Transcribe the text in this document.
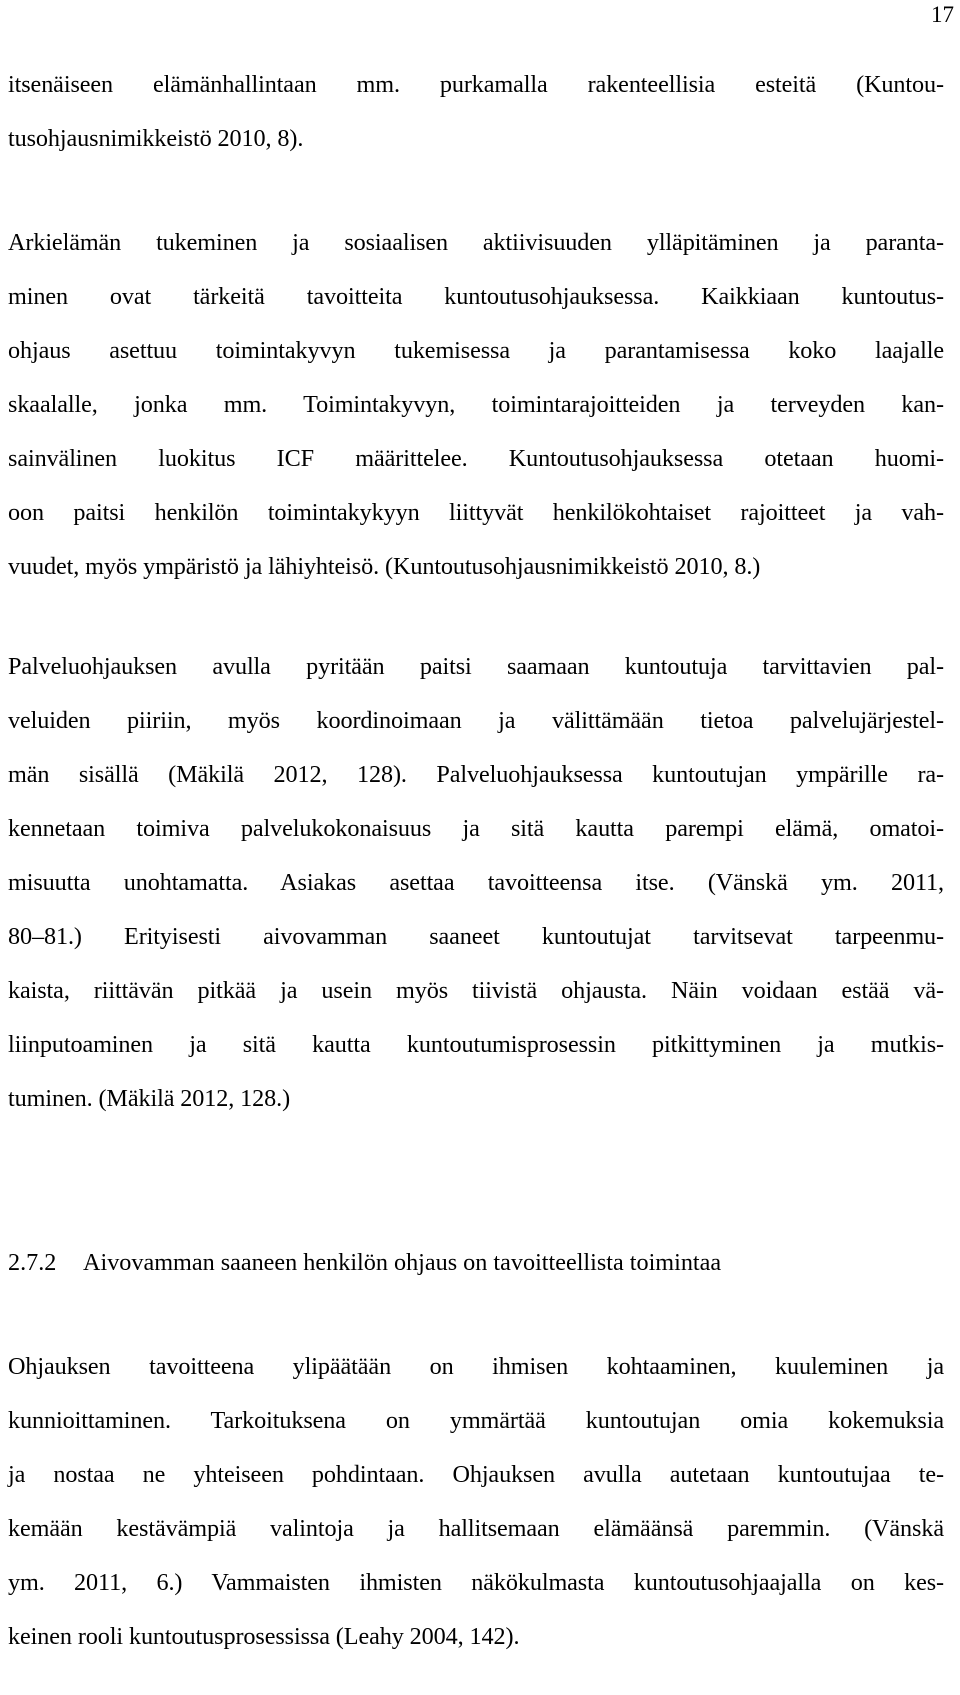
17
itsenäiseen elämänhallintaan mm. purkamalla rakenteellisia esteitä (Kuntou-
tusohjausnimikkeistö 2010, 8).
Arkielämän tukeminen ja sosiaalisen aktiivisuuden ylläpitäminen ja paranta-
minen ovat tärkeitä tavoitteita kuntoutusohjauksessa. Kaikkiaan kuntoutus-
ohjaus asettuu toimintakyvyn tukemisessa ja parantamisessa koko laajalle
skaalalle, jonka mm. Toimintakyvyn, toimintarajoitteiden ja terveyden kan-
sainvälinen luokitus ICF määrittelee. Kuntoutusohjauksessa otetaan huomi-
oon paitsi henkilön toimintakykyyn liittyvät henkilökohtaiset rajoitteet ja vah-
vuudet, myös ympäristö ja lähiyhteisö. (Kuntoutusohjausnimikkeistö 2010, 8.)
Palveluohjauksen avulla pyritään paitsi saamaan kuntoutuja tarvittavien pal-
veluiden piiriin, myös koordinoimaan ja välittämään tietoa palvelujärjestel-
män sisällä (Mäkilä 2012, 128). Palveluohjauksessa kuntoutujan ympärille ra-
kennetaan toimiva palvelukokonaisuus ja sitä kautta parempi elämä, omatoi-
misuutta unohtamatta. Asiakas asettaa tavoitteensa itse. (Vänskä ym. 2011,
80–81.) Erityisesti aivovamman saaneet kuntoutujat tarvitsevat tarpeenmu-
kaista, riittävän pitkää ja usein myös tiivistä ohjausta. Näin voidaan estää vä-
liinputoaminen ja sitä kautta kuntoutumisprosessin pitkittyminen ja mutkis-
tuminen. (Mäkilä 2012, 128.)
2.7.2	Aivovamman saaneen henkilön ohjaus on tavoitteellista toimintaa
Ohjauksen tavoitteena ylipäätään on ihmisen kohtaaminen, kuuleminen ja
kunnioittaminen. Tarkoituksena on ymmärtää kuntoutujan omia kokemuksia
ja nostaa ne yhteiseen pohdintaan. Ohjauksen avulla autetaan kuntoutujaa te-
kemään kestävämpiä valintoja ja hallitsemaan elämäänsä paremmin. (Vänskä
ym. 2011, 6.) Vammaisten ihmisten näkökulmasta kuntoutusohjaajalla on kes-
keinen rooli kuntoutusprosessissa (Leahy 2004, 142).
